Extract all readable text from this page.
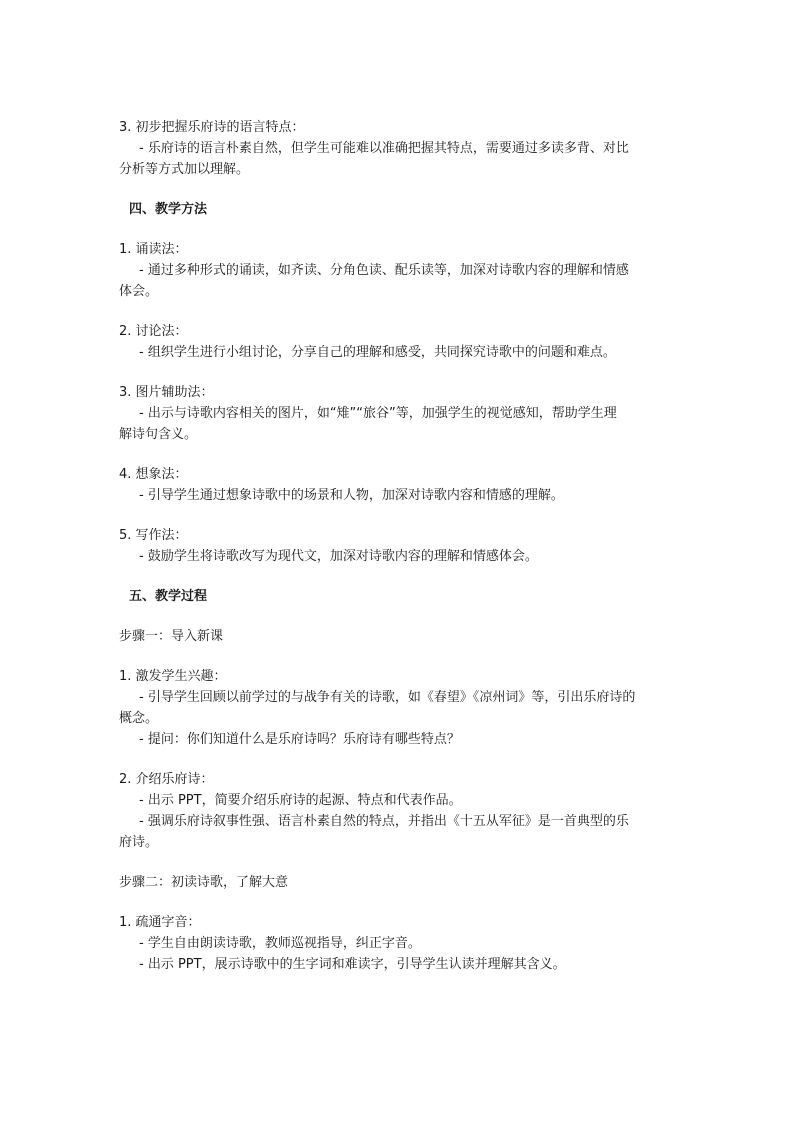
3. 初步把握乐府诗的语言特点：
- 乐府诗的语言朴素自然，但学生可能难以准确把握其特点，需要通过多读多背、对比
分析等方式加以理解。
四、教学方法
1. 诵读法：
- 通过多种形式的诵读，如齐读、分角色读、配乐读等，加深对诗歌内容的理解和情感
体会。
2. 讨论法：
- 组织学生进行小组讨论，分享自己的理解和感受，共同探究诗歌中的问题和难点。
3. 图片辅助法：
- 出示与诗歌内容相关的图片，如“雉”“旅谷”等，加强学生的视觉感知，帮助学生理
解诗句含义。
4. 想象法：
- 引导学生通过想象诗歌中的场景和人物，加深对诗歌内容和情感的理解。
5. 写作法：
- 鼓励学生将诗歌改写为现代文，加深对诗歌内容的理解和情感体会。
五、教学过程
步骤一：导入新课
1. 激发学生兴趣：
- 引导学生回顾以前学过的与战争有关的诗歌，如《春望》《凉州词》等，引出乐府诗的
概念。
- 提问：你们知道什么是乐府诗吗？乐府诗有哪些特点？
2. 介绍乐府诗：
- 出示 PPT，简要介绍乐府诗的起源、特点和代表作品。
- 强调乐府诗叙事性强、语言朴素自然的特点，并指出《十五从军征》是一首典型的乐
府诗。
步骤二：初读诗歌，了解大意
1. 疏通字音：
- 学生自由朗读诗歌，教师巡视指导，纠正字音。
- 出示 PPT，展示诗歌中的生字词和难读字，引导学生认读并理解其含义。
